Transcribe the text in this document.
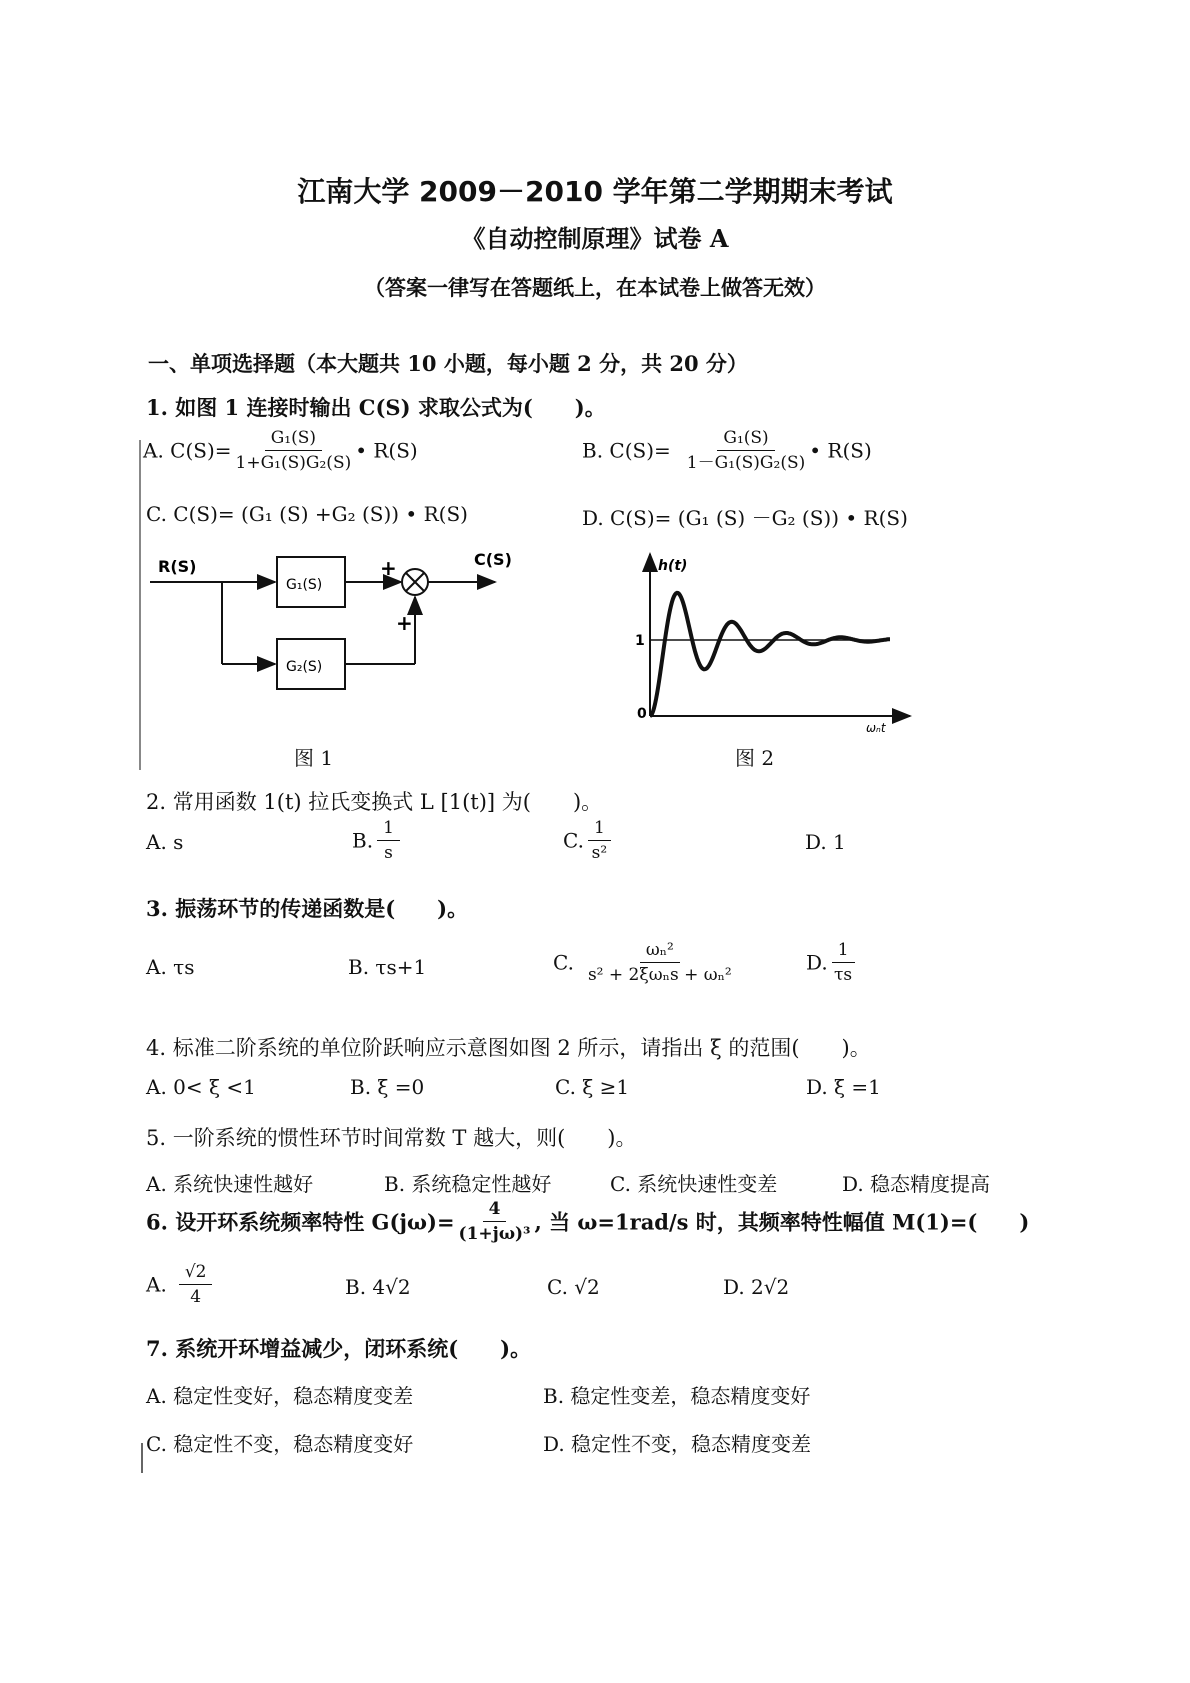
江南大学 2009－2010 学年第二学期期末考试
《自动控制原理》试卷 A
（答案一律写在答题纸上，在本试卷上做答无效）
一、单项选择题（本大题共 10 小题，每小题 2 分，共 20 分）
1. 如图 1 连接时输出 C(S) 求取公式为(　　)。
A. $C(S)= \frac{\text{G₁(S)}}{\text{1+G₁(S)G₂(S)}}$ • R(S)	B. $C(S)= \frac{\text{G₁(S)}}{\text{1－G₁(S)G₂(S)}}$ • R(S)
C. C(S)= (G₁ (S) +G₂ (S)) • R(S)	D. C(S)= (G₁ (S) －G₂ (S)) • R(S)
R(S)	C(S)
G₁(S)
+
+
G₂(S)
图 1
h(t)
ωₙt
1
0
图 2
2. 常用函数 1(t) 拉氏变换式 L [1(t)] 为(　　)。
A. s	B. $\frac{1}{s}$	C. $\frac{1}{\text{s²}}$	D. 1
3. 振荡环节的传递函数是(　　)。
A. τs	B. τs+1	C. $\frac{\text{ωₙ²}}{\text{s² + 2ξωₙs + ωₙ²}}$	D. $\frac{1}{\tau s}$
4. 标准二阶系统的单位阶跃响应示意图如图 2 所示，请指出 ξ 的范围(　　)。
A. 0< ξ <1	B. ξ =0	C. ξ ≥1	D. ξ =1
5. 一阶系统的惯性环节时间常数 T 越大，则(　　)。
A. 系统快速性越好	B. 系统稳定性越好	C. 系统快速性变差	D. 稳态精度提高
6. 设开环系统频率特性 $G(j\omega)= \frac{4}{\text{(1+jω)³}}$ , 当 ω=1rad/s 时，其频率特性幅值 M(1)=(　　)
A. $\frac{√2}{4}$	B. 4√2	C. √2	D. 2√2
7. 系统开环增益减少，闭环系统(　　)。
A. 稳定性变好，稳态精度变差	B. 稳定性变差，稳态精度变好
C. 稳定性不变，稳态精度变好	D. 稳定性不变，稳态精度变差
